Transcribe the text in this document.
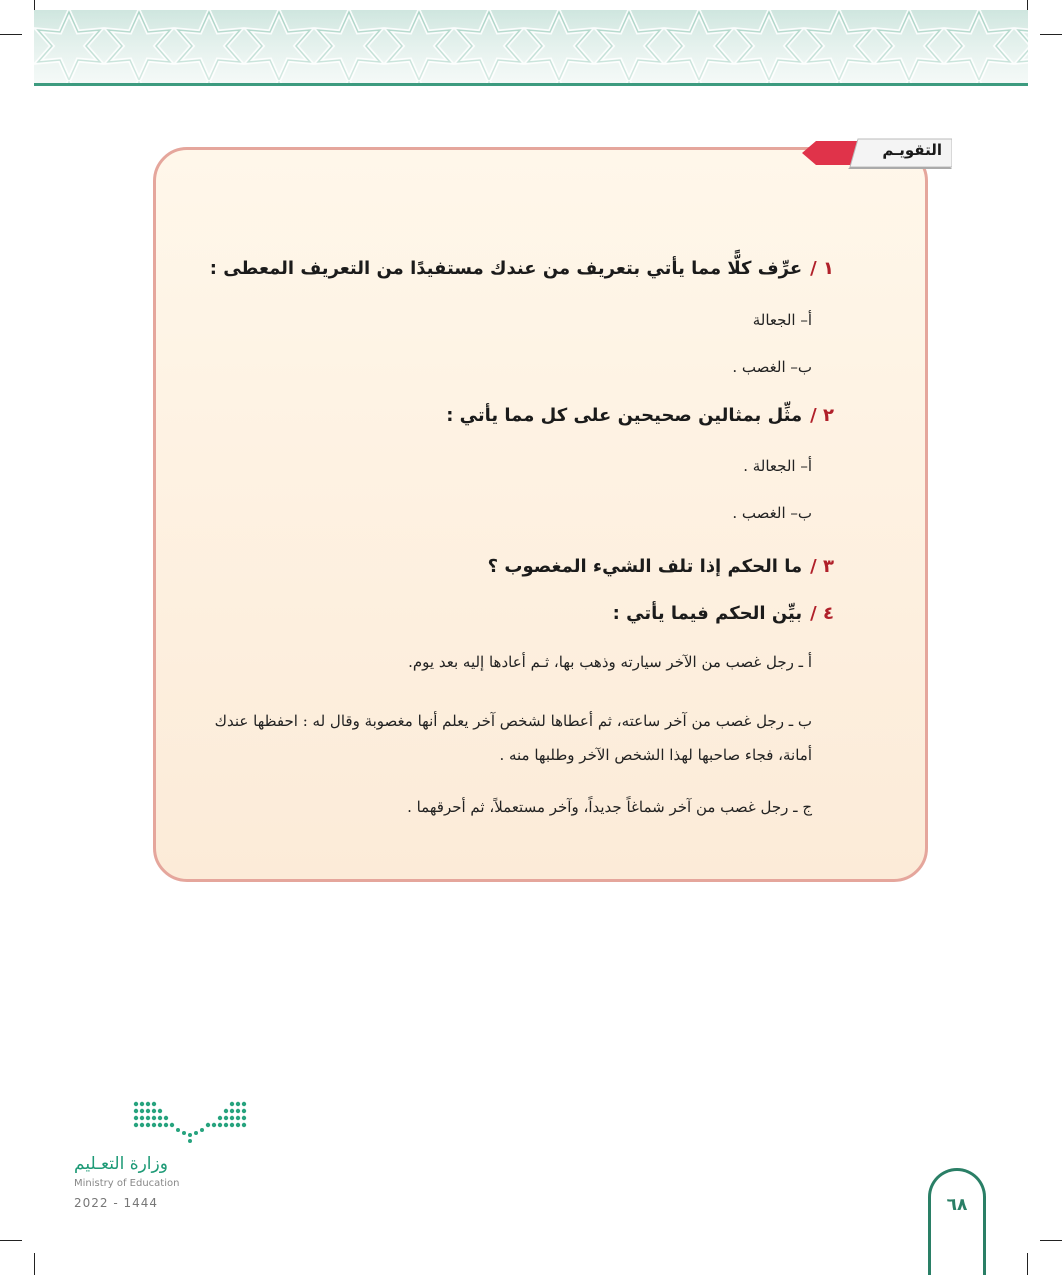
التقويـم
١ /عرِّف كلًّا مما يأتي بتعريف من عندك مستفيدًا من التعريف المعطى :
أ– الجعالة
ب– الغصب .
٢ /مثِّل بمثالين صحيحين على كل مما يأتي :
أ– الجعالة .
ب– الغصب .
٣ /ما الحكم إذا تلف الشيء المغصوب ؟
٤ /بيِّن الحكم فيما يأتي :
أ ـ رجل غصب من الآخر سيارته وذهب بها، ثـم أعادها إليه بعد يوم.
ب ـ رجل غصب من آخر ساعته، ثم أعطاها لشخص آخر يعلم أنها مغصوبة وقال له : احفظها عندك أمانة، فجاء صاحبها لهذا الشخص الآخر وطلبها منه .
ج ـ رجل غصب من آخر شماغاً جديداً، وآخر مستعملاً، ثم أحرقهما .
وزارة التعـليم
Ministry of Education
2022 - 1444	٦٨
